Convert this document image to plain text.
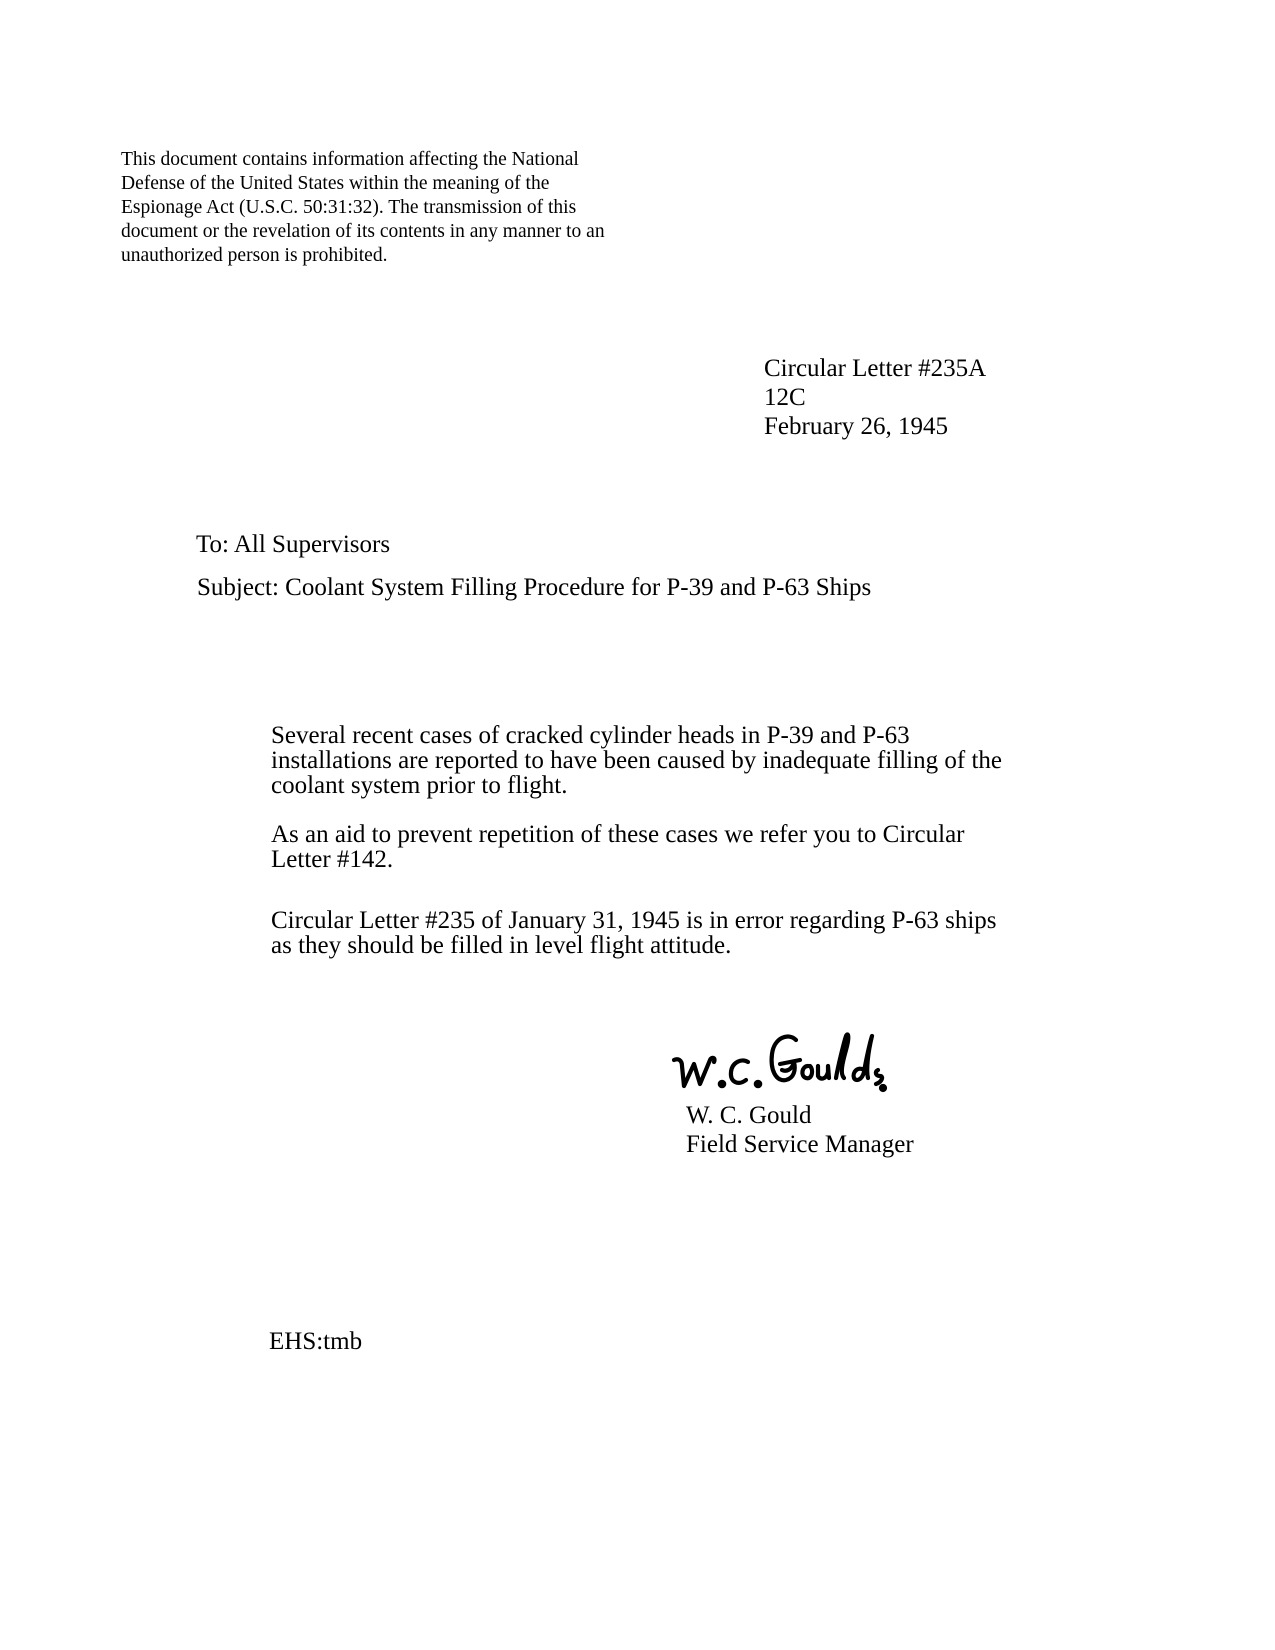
This document contains information affecting the National
Defense of the United States within the meaning of the
Espionage Act (U.S.C. 50:31:32). The transmission of this
document or the revelation of its contents in any manner to an
unauthorized person is prohibited.
Circular Letter #235A
12C
February 26, 1945
To: All Supervisors
Subject: Coolant System Filling Procedure for P-39 and P-63 Ships
Several recent cases of cracked cylinder heads in P-39 and P-63
installations are reported to have been caused by inadequate filling of the
coolant system prior to flight.
As an aid to prevent repetition of these cases we refer you to Circular
Letter #142.
Circular Letter #235 of January 31, 1945 is in error regarding P-63 ships
as they should be filled in level flight attitude.
W. C. Gould
Field Service Manager
EHS:tmb
